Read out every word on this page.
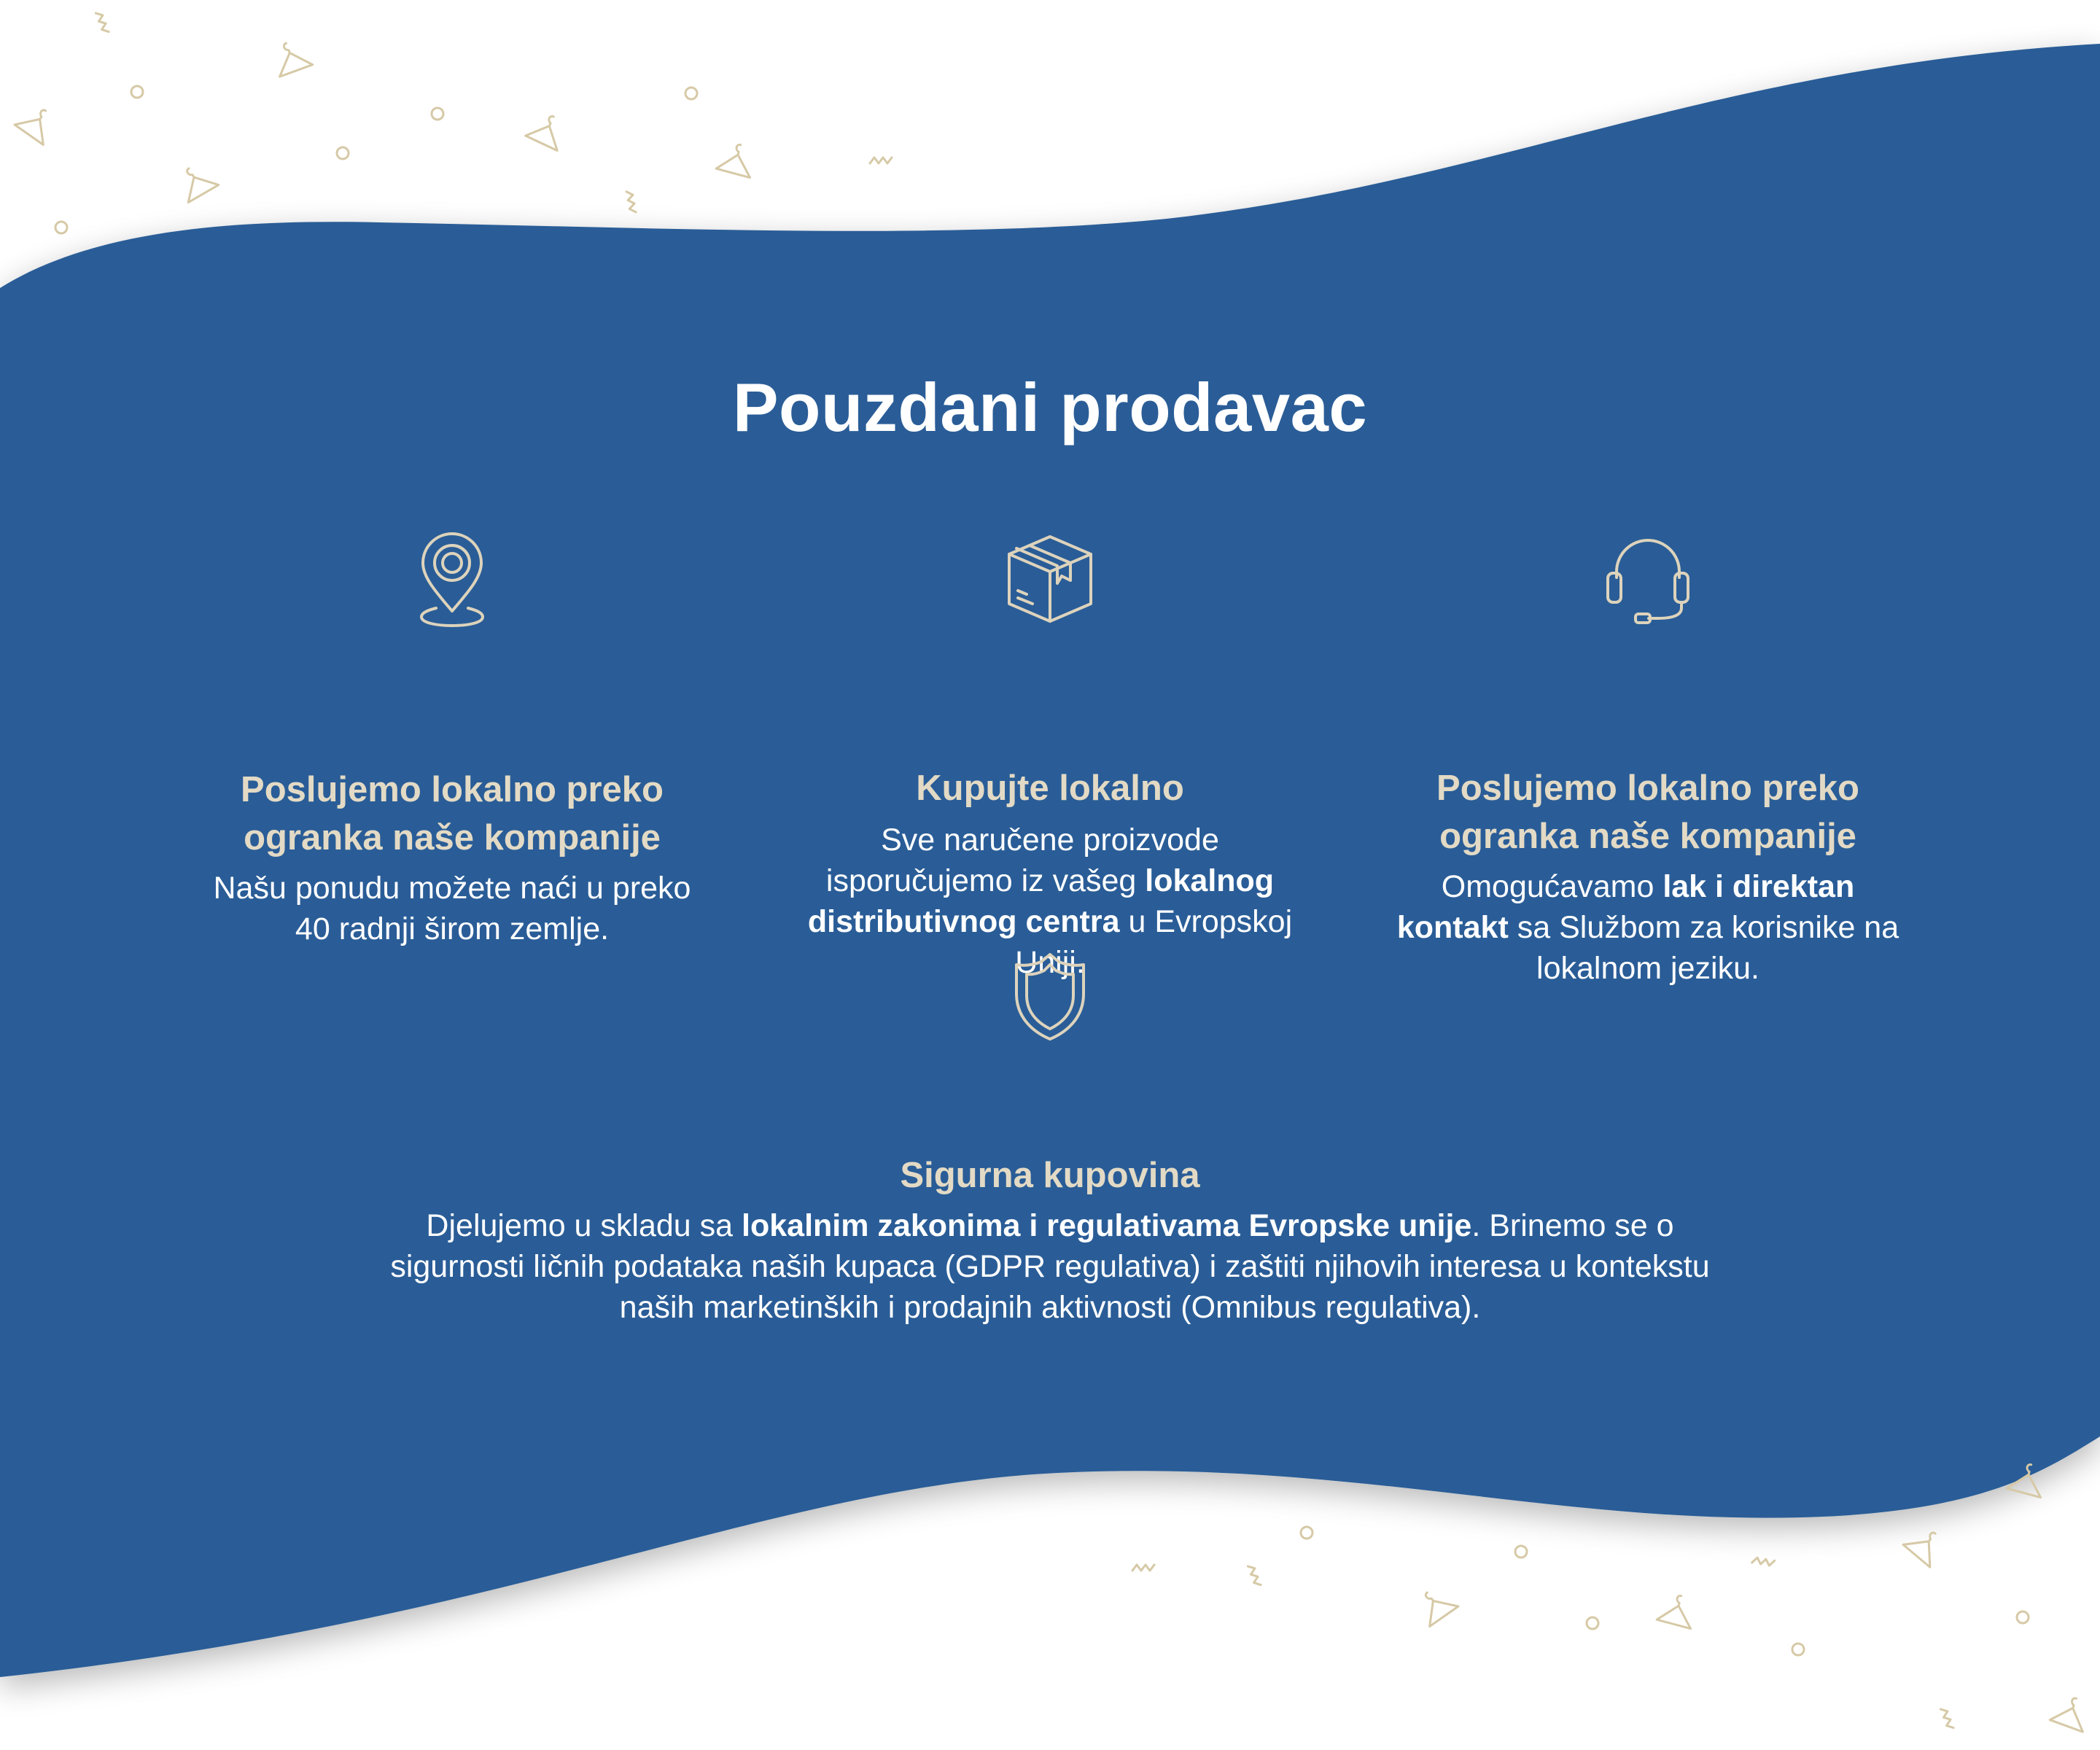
Pouzdani prodavac
Poslujemo lokalno preko ogranka naše kompanije

Našu ponudu možete naći u preko 40 radnji širom zemlje.

Kupujte lokalno

Sve naručene proizvode isporučujemo iz vašeg lokalnog distributivnog centra u Evropskoj Uniji.

Poslujemo lokalno preko ogranka naše kompanije

Omogućavamo lak i direktan kontakt sa Službom za korisnike na lokalnom jeziku.

Sigurna kupovina

Djelujemo u skladu sa lokalnim zakonima i regulativama Evropske unije. Brinemo se o sigurnosti ličnih podataka naših kupaca (GDPR regulativa) i zaštiti njihovih interesa u kontekstu naših marketinških i prodajnih aktivnosti (Omnibus regulativa).
